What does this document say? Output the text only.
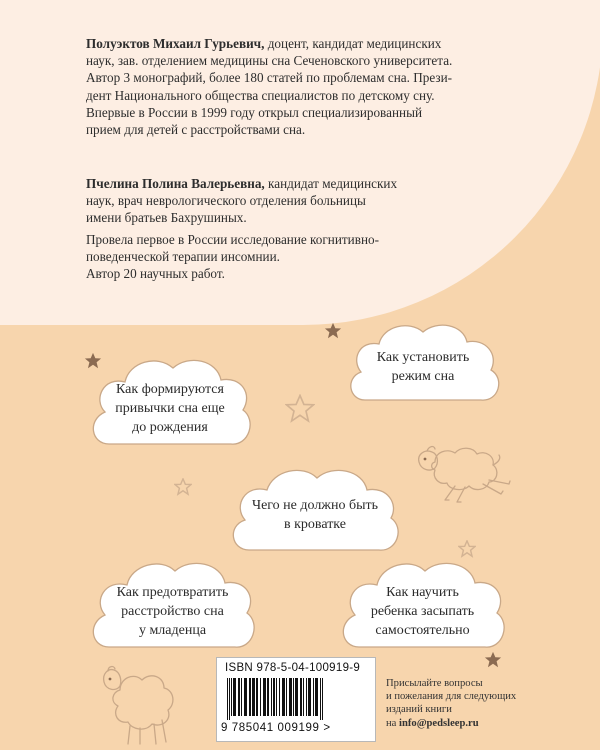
Полуэктов Михаил Гурьевич, доцент, кандидат медицинских

наук, зав. отделением медицины сна Сеченовского университета.

Автор 3 монографий, более 180 статей по проблемам сна. Прези-

дент Национального общества специалистов по детскому сну.

Впервые в России в 1999 году открыл специализированный

прием для детей с расстройствами сна.

Пчелина Полина Валерьевна, кандидат медицинских

наук, врач неврологического отделения больницы

имени братьев Бахрушиных.

Провела первое в России исследование когнитивно-

поведенческой терапии инсомнии.

Автор 20 научных работ.

Как установить
режим сна
Как формируются
привычки сна еще
до рождения
Чего не должно быть
в кроватке
Как предотвратить
расстройство сна
у младенца
Как научить
ребенка засыпать
самостоятельно
ISBN 978-5-04-100919-9
9 785041 009199 >
Присылайте вопросы
и пожелания для следующих
изданий книги
на info@pedsleep.ru
